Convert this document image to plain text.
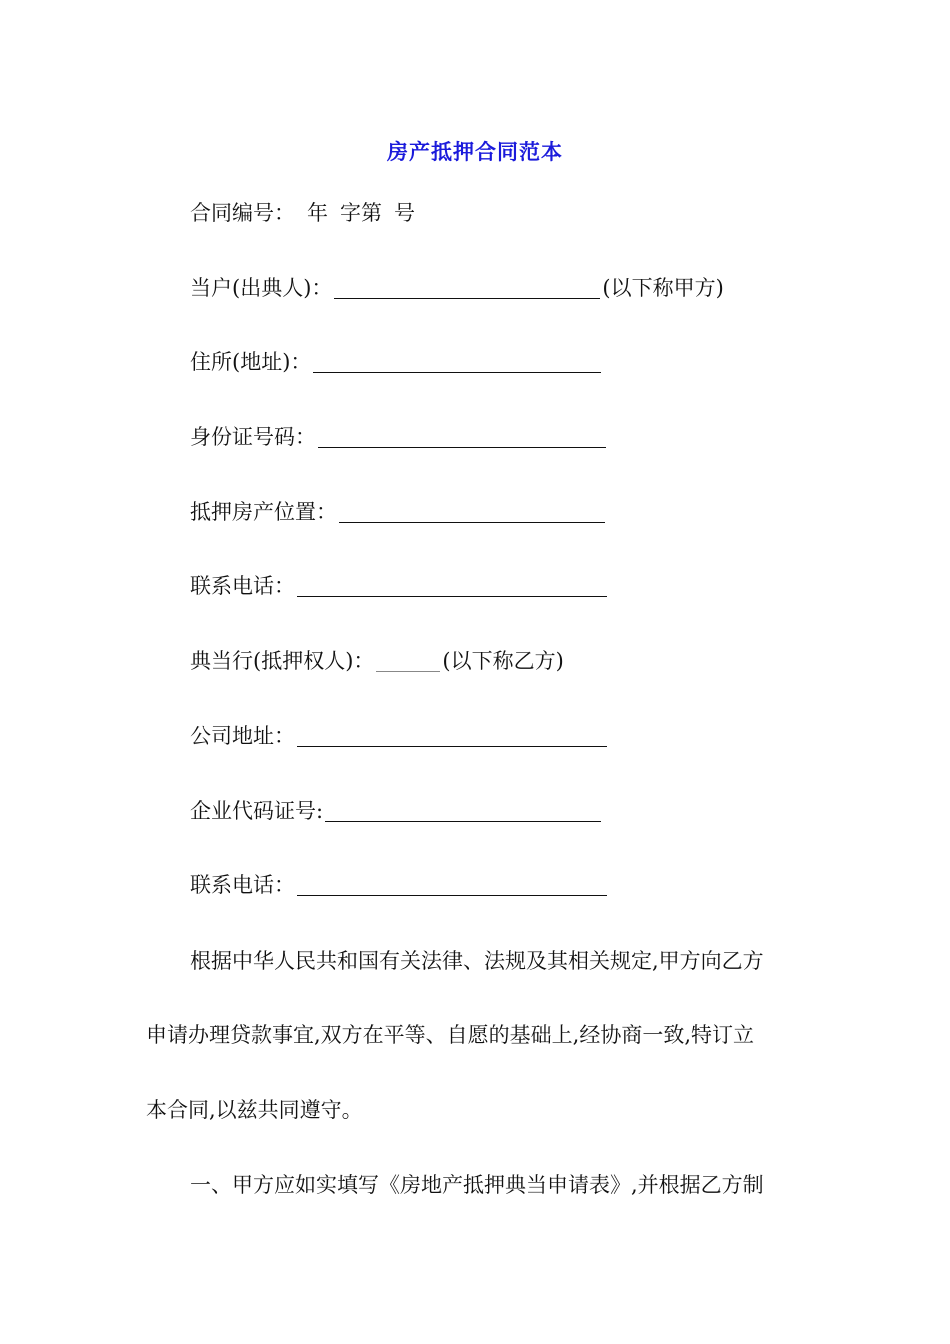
房产抵押合同范本
合同编号： 年 字第 号
当户(出典人)：	(以下称甲方)
住所(地址)：
身份证号码：
抵押房产位置：
联系电话：
典当行(抵押权人)：	(以下称乙方)
公司地址：
企业代码证号:
联系电话：
根据中华人民共和国有关法律、法规及其相关规定,甲方向乙方
申请办理贷款事宜,双方在平等、自愿的基础上,经协商一致,特订立
本合同,以兹共同遵守。
一、甲方应如实填写《房地产抵押典当申请表》,并根据乙方制
